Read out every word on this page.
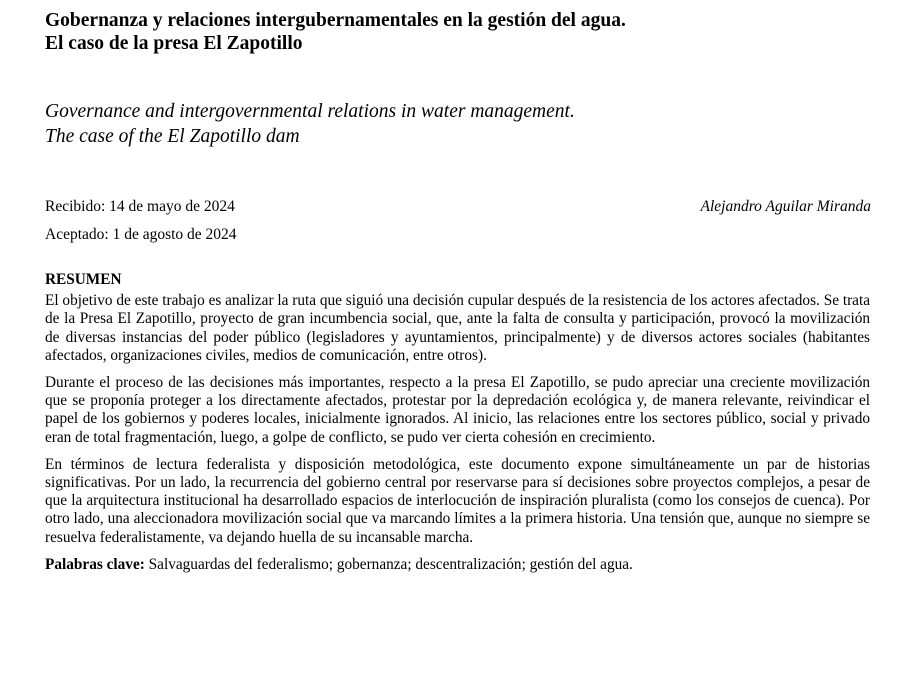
Gobernanza y relaciones intergubernamentales en la gestión del agua.
El caso de la presa El Zapotillo
Governance and intergovernmental relations in water management.
The case of the El Zapotillo dam
Recibido: 14 de mayo de 2024	Alejandro Aguilar Miranda
Aceptado: 1 de agosto de 2024
RESUMEN

El objetivo de este trabajo es analizar la ruta que siguió una decisión cupular después de la resistencia de los actores afectados. Se trata de la Presa El Zapotillo, proyecto de gran incumbencia social, que, ante la falta de consulta y participación, provocó la movilización de diversas instancias del poder público (legisladores y ayuntamientos, principalmente) y de diversos actores sociales (habitantes afectados, organizaciones civiles, medios de comunicación, entre otros).

Durante el proceso de las decisiones más importantes, respecto a la presa El Zapotillo, se pudo apreciar una creciente movilización que se proponía proteger a los directamente afectados, protestar por la depredación ecológica y, de manera relevante, reivindicar el papel de los gobiernos y poderes locales, inicialmente ignorados. Al inicio, las relaciones entre los sectores público, social y privado eran de total fragmentación, luego, a golpe de conflicto, se pudo ver cierta cohesión en crecimiento.

En términos de lectura federalista y disposición metodológica, este documento expone simultáneamente un par de historias significativas. Por un lado, la recurrencia del gobierno central por reservarse para sí decisiones sobre proyectos complejos, a pesar de que la arquitectura institucional ha desarrollado espacios de interlocución de inspiración pluralista (como los consejos de cuenca). Por otro lado, una aleccionadora movilización social que va marcando límites a la primera historia. Una tensión que, aunque no siempre se resuelva federalistamente, va dejando huella de su incansable marcha.

Palabras clave: Salvaguardas del federalismo; gobernanza; descentralización; gestión del agua.
